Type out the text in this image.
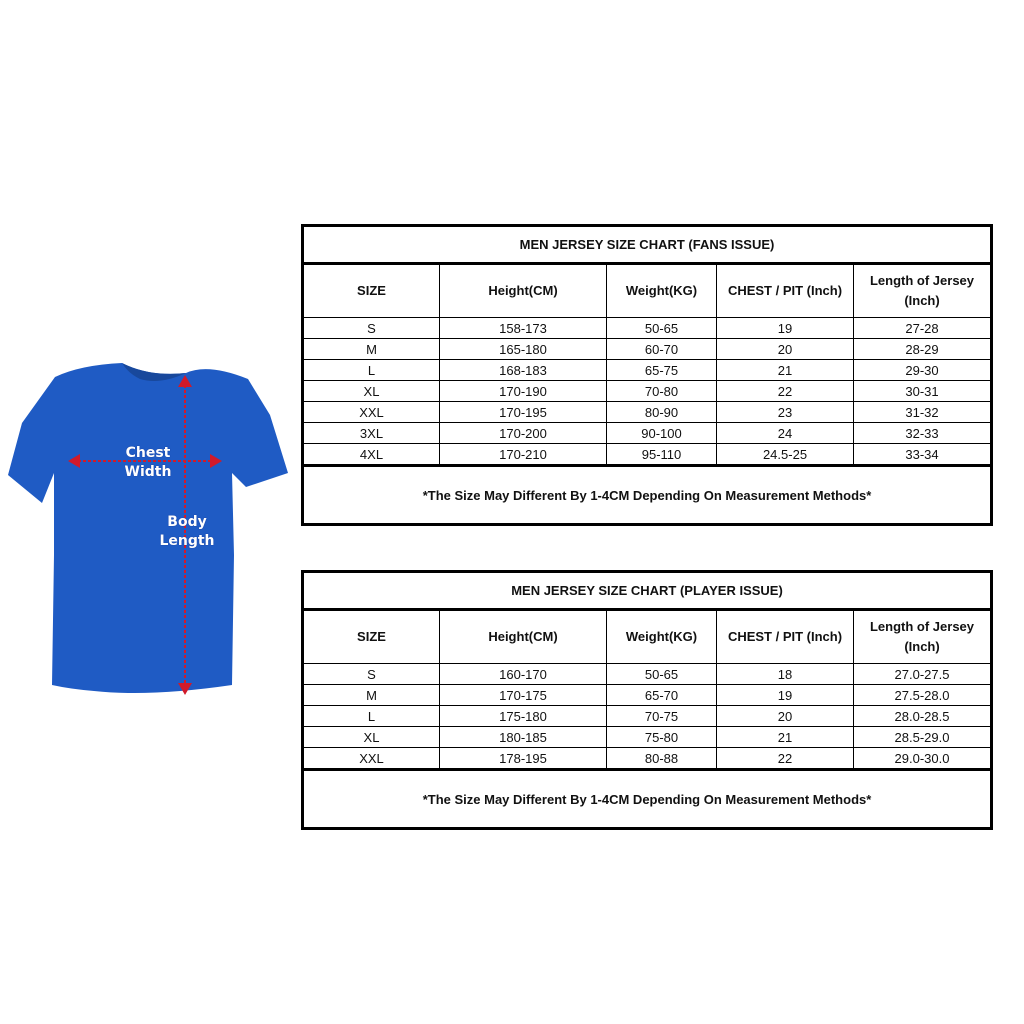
Chest Width
Body Length
MEN JERSEY SIZE CHART (FANS ISSUE)				
SIZE	Height(CM)	Weight(KG)	CHEST / PIT (Inch)	Length of Jersey (Inch)
S	158-173	50-65	19	27-28
M	165-180	60-70	20	28-29
L	168-183	65-75	21	29-30
XL	170-190	70-80	22	30-31
XXL	170-195	80-90	23	31-32
3XL	170-200	90-100	24	32-33
4XL	170-210	95-110	24.5-25	33-34
*The Size May Different By 1-4CM Depending On Measurement Methods*				
MEN JERSEY SIZE CHART (PLAYER ISSUE)				
SIZE	Height(CM)	Weight(KG)	CHEST / PIT (Inch)	Length of Jersey (Inch)
S	160-170	50-65	18	27.0-27.5
M	170-175	65-70	19	27.5-28.0
L	175-180	70-75	20	28.0-28.5
XL	180-185	75-80	21	28.5-29.0
XXL	178-195	80-88	22	29.0-30.0
*The Size May Different By 1-4CM Depending On Measurement Methods*				
